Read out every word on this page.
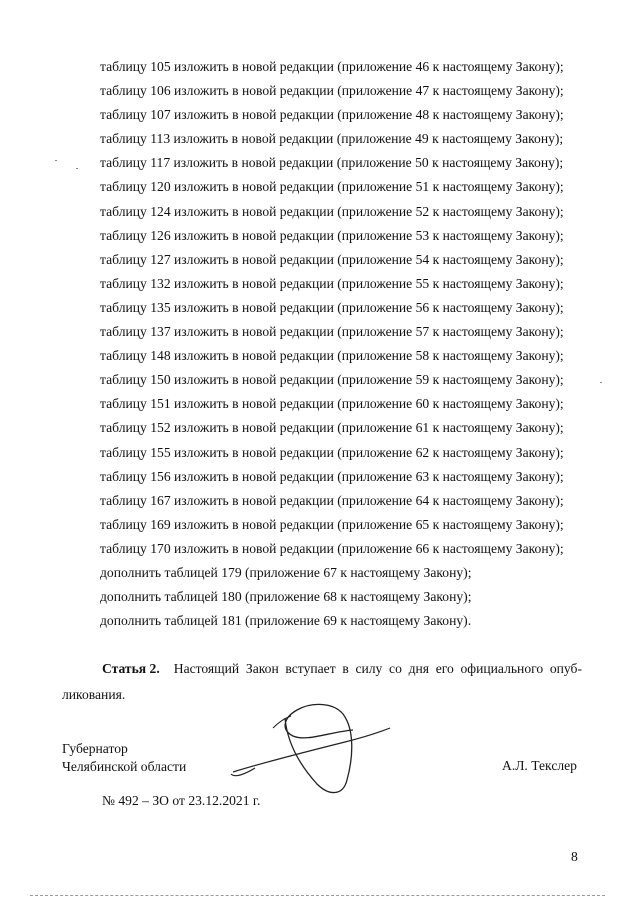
таблицу 105 изложить в новой редакции (приложение 46 к настоящему Закону);
таблицу 106 изложить в новой редакции (приложение 47 к настоящему Закону);
таблицу 107 изложить в новой редакции (приложение 48 к настоящему Закону);
таблицу 113 изложить в новой редакции (приложение 49 к настоящему Закону);
таблицу 117 изложить в новой редакции (приложение 50 к настоящему Закону);
таблицу 120 изложить в новой редакции (приложение 51 к настоящему Закону);
таблицу 124 изложить в новой редакции (приложение 52 к настоящему Закону);
таблицу 126 изложить в новой редакции (приложение 53 к настоящему Закону);
таблицу 127 изложить в новой редакции (приложение 54 к настоящему Закону);
таблицу 132 изложить в новой редакции (приложение 55 к настоящему Закону);
таблицу 135 изложить в новой редакции (приложение 56 к настоящему Закону);
таблицу 137 изложить в новой редакции (приложение 57 к настоящему Закону);
таблицу 148 изложить в новой редакции (приложение 58 к настоящему Закону);
таблицу 150 изложить в новой редакции (приложение 59 к настоящему Закону);
таблицу 151 изложить в новой редакции (приложение 60 к настоящему Закону);
таблицу 152 изложить в новой редакции (приложение 61 к настоящему Закону);
таблицу 155 изложить в новой редакции (приложение 62 к настоящему Закону);
таблицу 156 изложить в новой редакции (приложение 63 к настоящему Закону);
таблицу 167 изложить в новой редакции (приложение 64 к настоящему Закону);
таблицу 169 изложить в новой редакции (приложение 65 к настоящему Закону);
таблицу 170 изложить в новой редакции (приложение 66 к настоящему Закону);
дополнить таблицей 179 (приложение 67 к настоящему Закону);
дополнить таблицей 180 (приложение 68 к настоящему Закону);
дополнить таблицей 181 (приложение 69 к настоящему Закону).
Статья 2. Настоящий Закон вступает в силу со дня его официального опуб-
ликования.
Губернатор
Челябинской области	А.Л. Текслер
№ 492 – ЗО от 23.12.2021 г.
8
